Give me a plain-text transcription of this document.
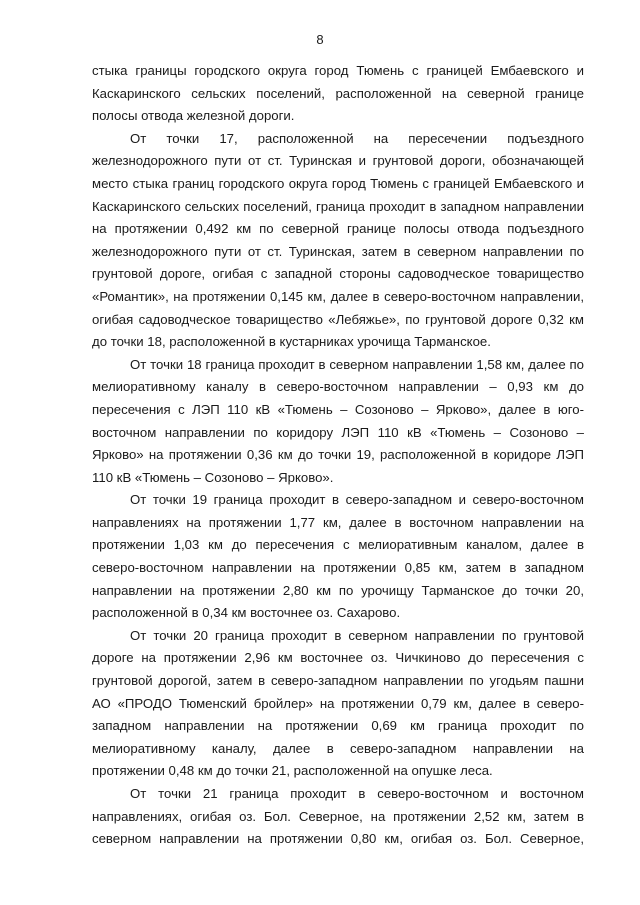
8

стыка границы городского округа город Тюмень с границей Ембаевского и Каскаринского сельских поселений, расположенной на северной границе полосы отвода железной дороги.

От точки 17, расположенной на пересечении подъездного железнодорожного пути от ст. Туринская и грунтовой дороги, обозначающей место стыка границ городского округа город Тюмень с границей Ембаевского и Каскаринского сельских поселений, граница проходит в западном направлении на протяжении 0,492 км по северной границе полосы отвода подъездного железнодорожного пути от ст. Туринская, затем в северном направлении по грунтовой дороге, огибая с западной стороны садоводческое товарищество «Романтик», на протяжении 0,145 км, далее в северо-восточном направлении, огибая садоводческое товарищество «Лебяжье», по грунтовой дороге 0,32 км до точки 18, расположенной в кустарниках урочища Тарманское.

От точки 18 граница проходит в северном направлении 1,58 км, далее по мелиоративному каналу в северо-восточном направлении – 0,93 км до пересечения с ЛЭП 110 кВ «Тюмень – Созоново – Ярково», далее в юго-восточном направлении по коридору ЛЭП 110 кВ «Тюмень – Созоново – Ярково» на протяжении 0,36 км до точки 19, расположенной в коридоре ЛЭП 110 кВ «Тюмень – Созоново – Ярково».

От точки 19 граница проходит в северо-западном и северо-восточном направлениях на протяжении 1,77 км, далее в восточном направлении на протяжении 1,03 км до пересечения с мелиоративным каналом, далее в северо-восточном направлении на протяжении 0,85 км, затем в западном направлении на протяжении 2,80 км по урочищу Тарманское до точки 20, расположенной в 0,34 км восточнее оз. Сахарово.

От точки 20 граница проходит в северном направлении по грунтовой дороге на протяжении 2,96 км восточнее оз. Чичкиново до пересечения с грунтовой дорогой, затем в северо-западном направлении по угодьям пашни АО «ПРОДО Тюменский бройлер» на протяжении 0,79 км, далее в северо-западном направлении на протяжении 0,69 км граница проходит по мелиоративному каналу, далее в северо-западном направлении на протяжении 0,48 км до точки 21, расположенной на опушке леса.

От точки 21 граница проходит в северо-восточном и восточном направлениях, огибая оз. Бол. Северное, на протяжении 2,52 км, затем в северном направлении на протяжении 0,80 км, огибая оз. Бол. Северное,
